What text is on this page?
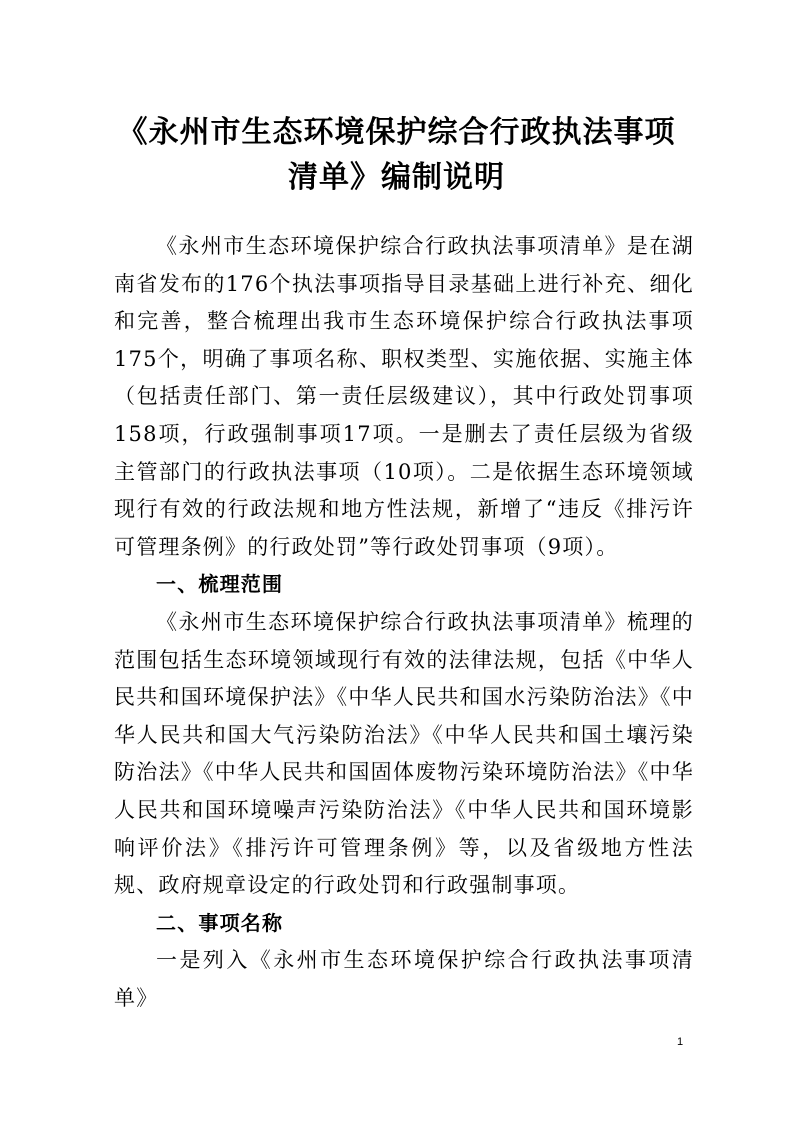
《永州市生态环境保护综合行政执法事项
清单》编制说明

《永州市生态环境保护综合行政执法事项清单》是在湖南省发布的176个执法事项指导目录基础上进行补充、细化和完善，整合梳理出我市生态环境保护综合行政执法事项175个，明确了事项名称、职权类型、实施依据、实施主体（包括责任部门、第一责任层级建议），其中行政处罚事项158项，行政强制事项17项。一是删去了责任层级为省级主管部门的行政执法事项（10项）。二是依据生态环境领域现行有效的行政法规和地方性法规，新增了“违反《排污许可管理条例》的行政处罚”等行政处罚事项（9项）。

一、梳理范围

《永州市生态环境保护综合行政执法事项清单》梳理的范围包括生态环境领域现行有效的法律法规，包括《中华人民共和国环境保护法》《中华人民共和国水污染防治法》《中华人民共和国大气污染防治法》《中华人民共和国土壤污染防治法》《中华人民共和国固体废物污染环境防治法》《中华人民共和国环境噪声污染防治法》《中华人民共和国环境影响评价法》《排污许可管理条例》等，以及省级地方性法规、政府规章设定的行政处罚和行政强制事项。

二、事项名称

一是列入《永州市生态环境保护综合行政执法事项清单》

1
